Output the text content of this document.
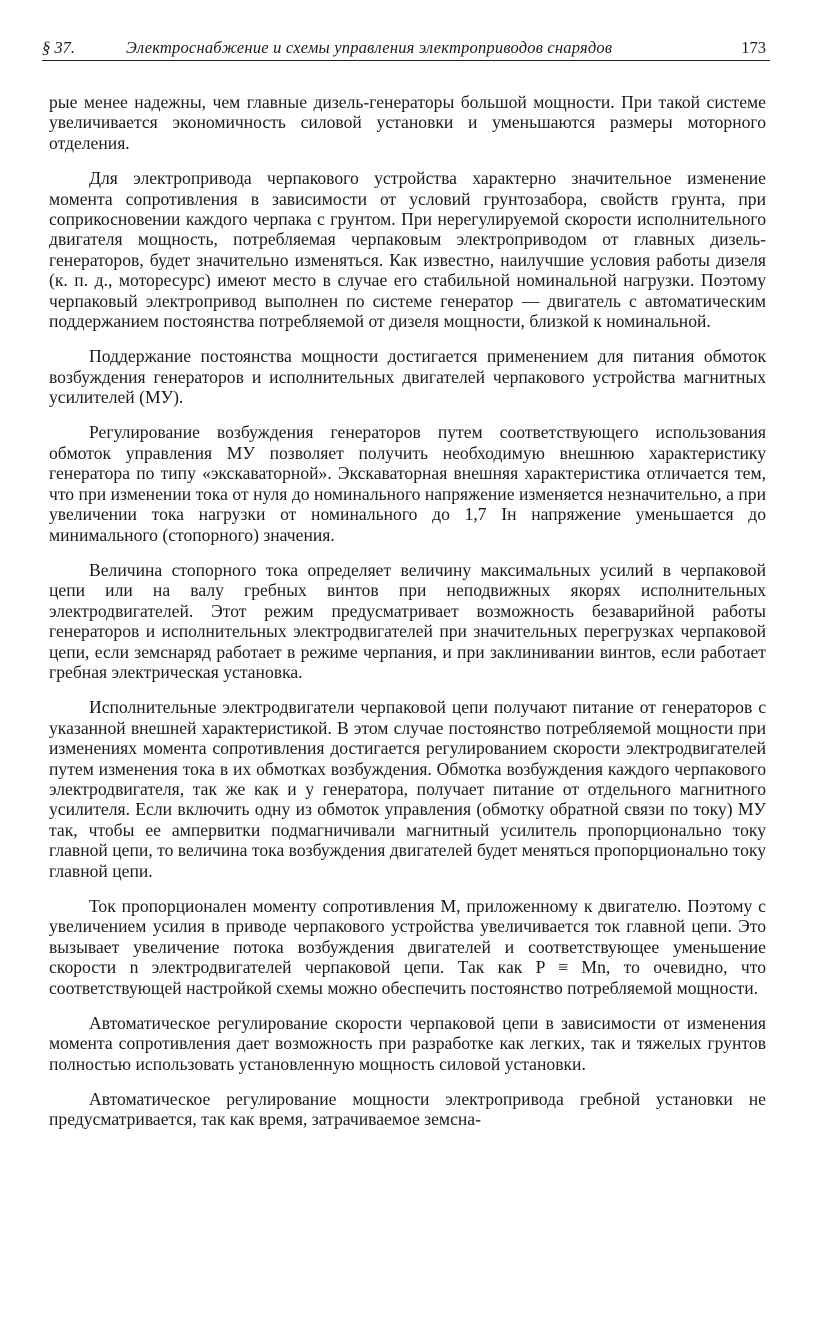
§ 37.	Электроснабжение и схемы управления электроприводов снарядов	173

рые менее надежны, чем главные дизель-генераторы большой мощности. При такой системе увеличивается экономичность силовой установки и уменьшаются размеры моторного отделения.

Для электропривода черпакового устройства характерно значительное изменение момента сопротивления в зависимости от условий грунтозабора, свойств грунта, при соприкосновении каждого черпака с грунтом. При нерегулируемой скорости исполнительного двигателя мощность, потребляемая черпаковым электроприводом от главных дизель-генераторов, будет значительно изменяться. Как известно, наилучшие условия работы дизеля (к. п. д., моторесурс) имеют место в случае его стабильной номинальной нагрузки. Поэтому черпаковый электропривод выполнен по системе генератор — двигатель с автоматическим поддержанием постоянства потребляемой от дизеля мощности, близкой к номинальной.

Поддержание постоянства мощности достигается применением для питания обмоток возбуждения генераторов и исполнительных двигателей черпакового устройства магнитных усилителей (МУ).

Регулирование возбуждения генераторов путем соответствующего использования обмоток управления МУ позволяет получить необходимую внешнюю характеристику генератора по типу «экскаваторной». Экскаваторная внешняя характеристика отличается тем, что при изменении тока от нуля до номинального напряжение изменяется незначительно, а при увеличении тока нагрузки от номинального до 1,7 Iн напряжение уменьшается до минимального (стопорного) значения.

Величина стопорного тока определяет величину максимальных усилий в черпаковой цепи или на валу гребных винтов при неподвижных якорях исполнительных электродвигателей. Этот режим предусматривает возможность безаварийной работы генераторов и исполнительных электродвигателей при значительных перегрузках черпаковой цепи, если земснаряд работает в режиме черпания, и при заклинивании винтов, если работает гребная электрическая установка.

Исполнительные электродвигатели черпаковой цепи получают питание от генераторов с указанной внешней характеристикой. В этом случае постоянство потребляемой мощности при изменениях момента сопротивления достигается регулированием скорости электродвигателей путем изменения тока в их обмотках возбуждения. Обмотка возбуждения каждого черпакового электродвигателя, так же как и у генератора, получает питание от отдельного магнитного усилителя. Если включить одну из обмоток управления (обмотку обратной связи по току) МУ так, чтобы ее ампервитки подмагничивали магнитный усилитель пропорционально току главной цепи, то величина тока возбуждения двигателей будет меняться пропорционально току главной цепи.

Ток пропорционален моменту сопротивления М, приложенному к двигателю. Поэтому с увеличением усилия в приводе черпакового устройства увеличивается ток главной цепи. Это вызывает увеличение потока возбуждения двигателей и соответствующее уменьшение скорости n электродвигателей черпаковой цепи. Так как P ≡ Mn, то очевидно, что соответствующей настройкой схемы можно обеспечить постоянство потребляемой мощности.

Автоматическое регулирование скорости черпаковой цепи в зависимости от изменения момента сопротивления дает возможность при разработке как легких, так и тяжелых грунтов полностью использовать установленную мощность силовой установки.

Автоматическое регулирование мощности электропривода гребной установки не предусматривается, так как время, затрачиваемое земсна-
